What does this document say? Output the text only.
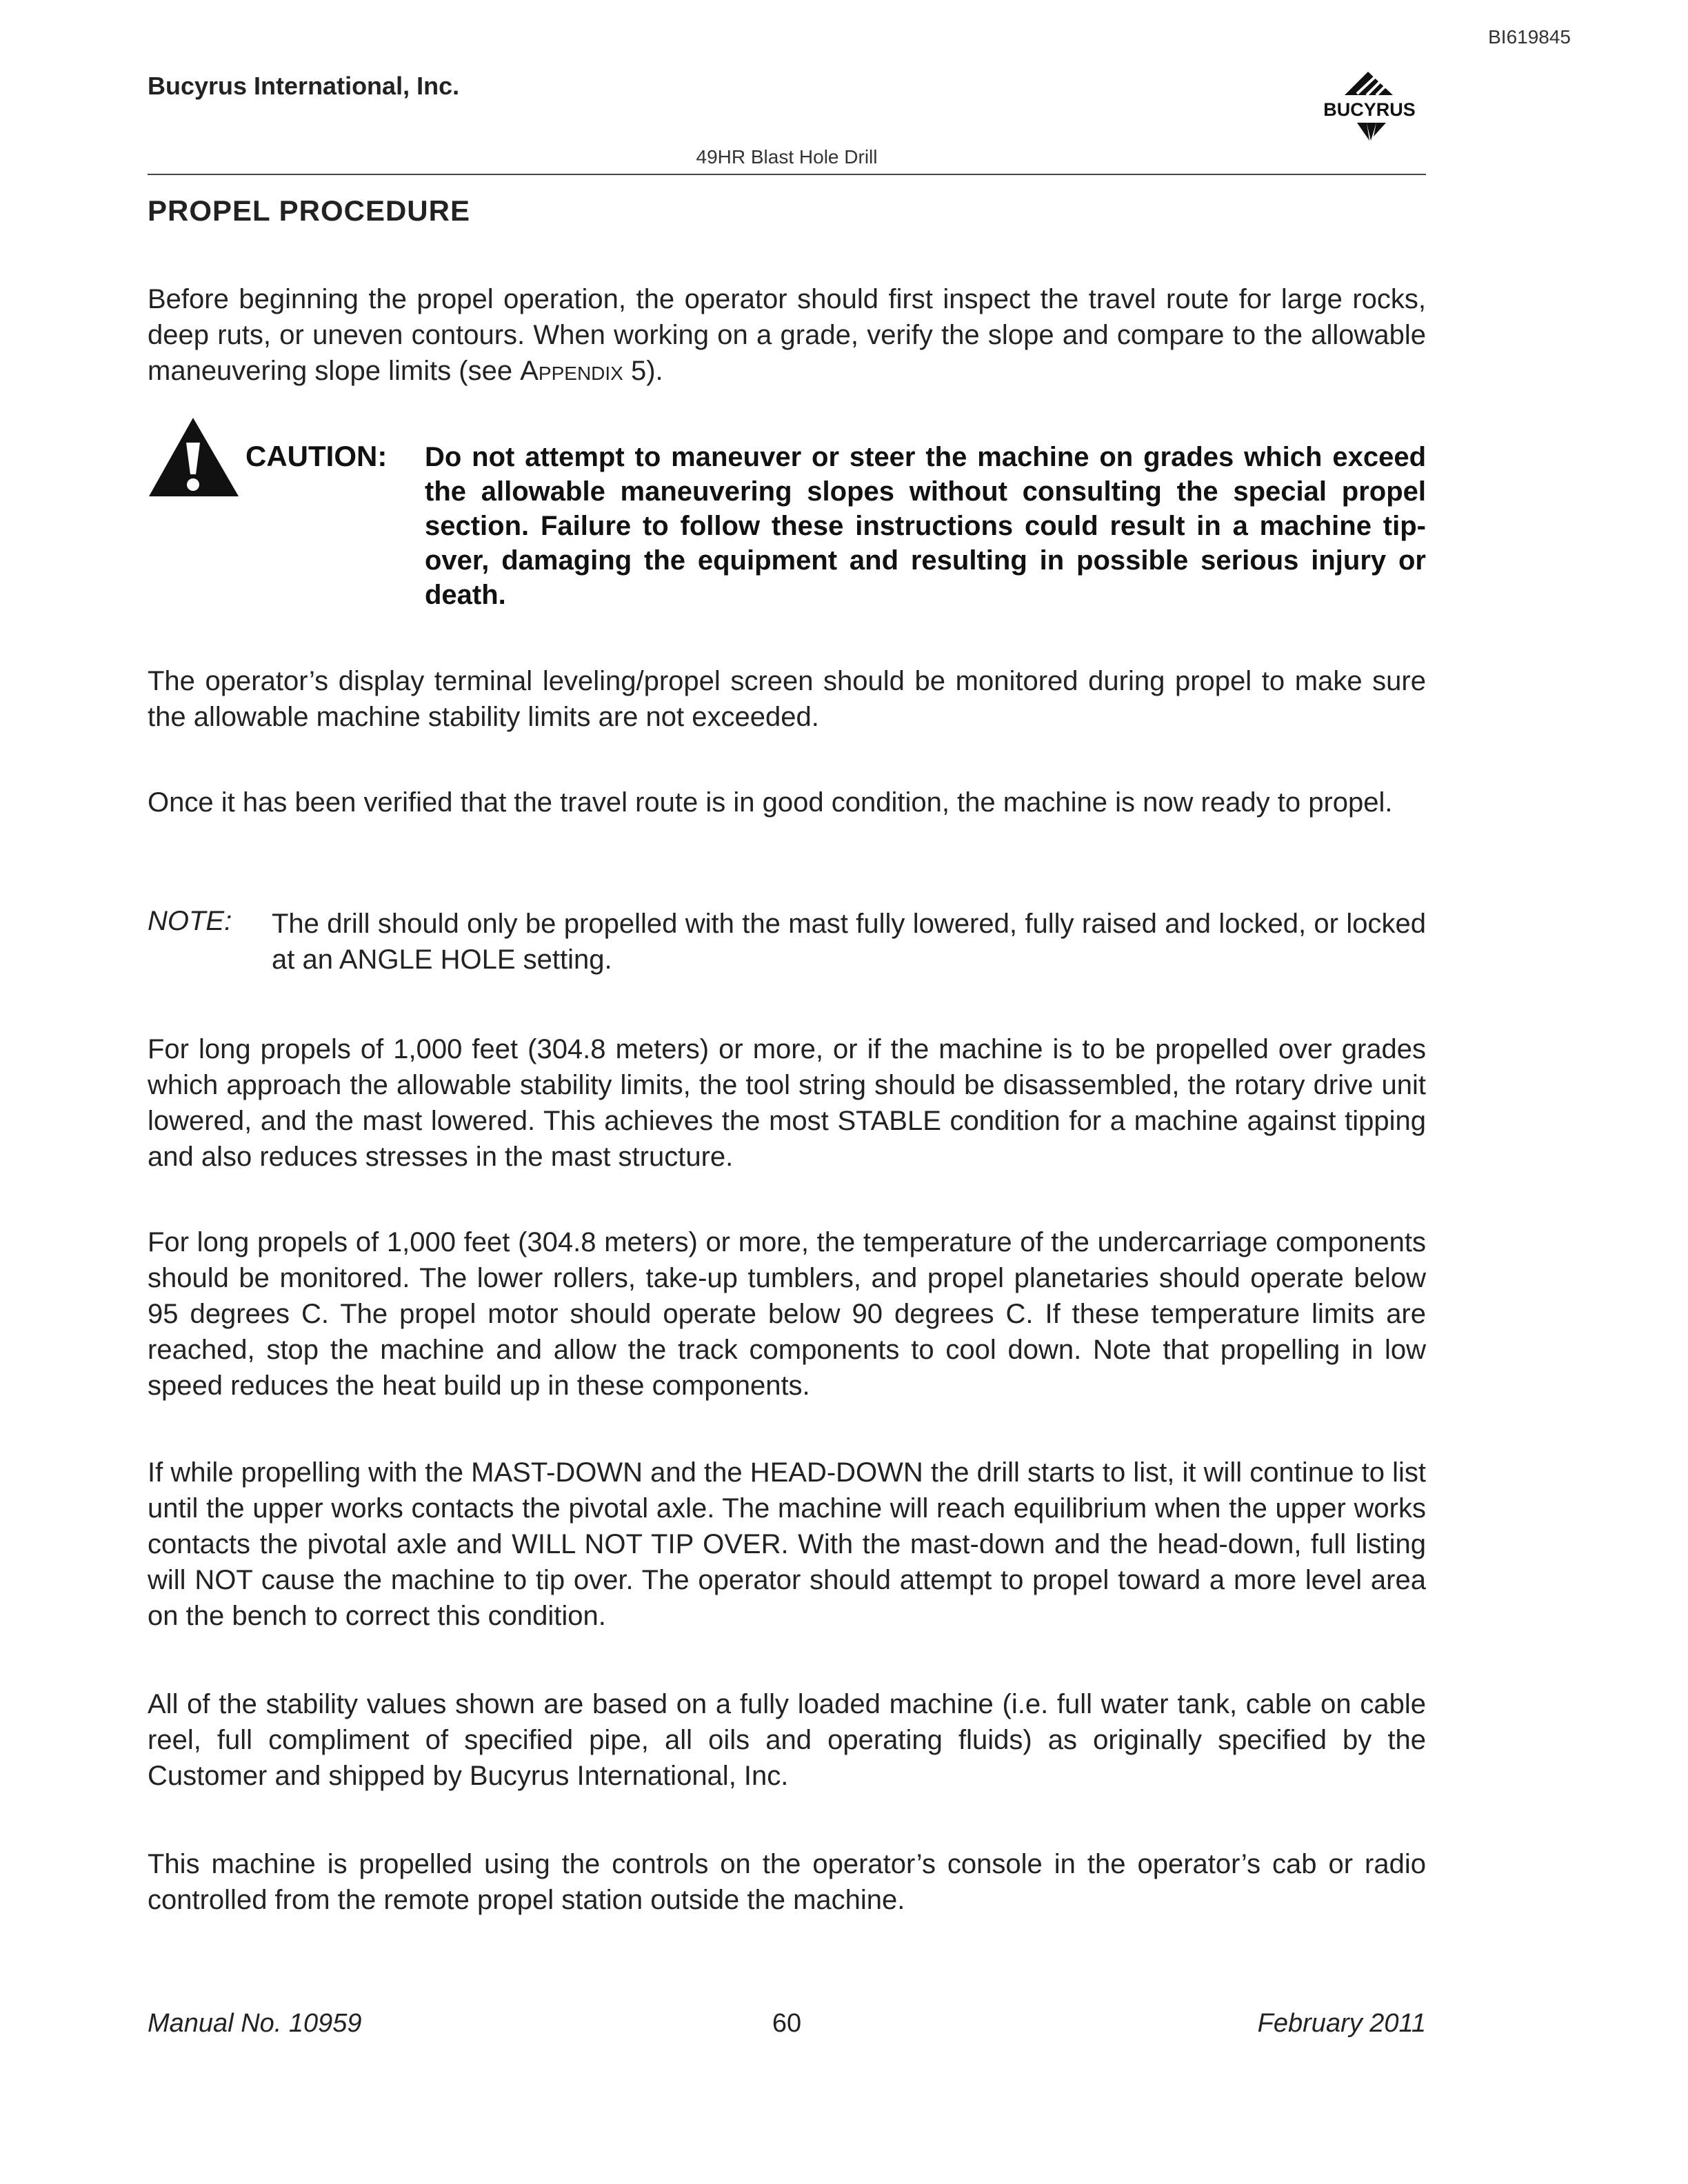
BI619845
Bucyrus International, Inc.
BUCYRUS
49HR Blast Hole Drill
PROPEL PROCEDURE
Before beginning the propel operation, the operator should first inspect the travel route for large rocks, deep ruts, or uneven contours. When working on a grade, verify the slope and compare to the allowable maneuvering slope limits (see Appendix 5).
CAUTION: Do not attempt to maneuver or steer the machine on grades which exceed the allowable maneuvering slopes without consulting the special propel section. Failure to follow these instructions could result in a machine tip-over, damaging the equipment and resulting in possible serious injury or death.
The operator’s display terminal leveling/propel screen should be monitored during propel to make sure the allowable machine stability limits are not exceeded.
Once it has been verified that the travel route is in good condition, the machine is now ready to propel.
NOTE: The drill should only be propelled with the mast fully lowered, fully raised and locked, or locked at an ANGLE HOLE setting.
For long propels of 1,000 feet (304.8 meters) or more, or if the machine is to be propelled over grades which approach the allowable stability limits, the tool string should be disassembled, the rotary drive unit lowered, and the mast lowered. This achieves the most STABLE condition for a machine against tipping and also reduces stresses in the mast structure.
For long propels of 1,000 feet (304.8 meters) or more, the temperature of the undercarriage components should be monitored. The lower rollers, take-up tumblers, and propel planetaries should operate below 95 degrees C. The propel motor should operate below 90 degrees C. If these temperature limits are reached, stop the machine and allow the track components to cool down. Note that propelling in low speed reduces the heat build up in these components.
If while propelling with the MAST-DOWN and the HEAD-DOWN the drill starts to list, it will continue to list until the upper works contacts the pivotal axle. The machine will reach equilibrium when the upper works contacts the pivotal axle and WILL NOT TIP OVER. With the mast-down and the head-down, full listing will NOT cause the machine to tip over. The operator should attempt to propel toward a more level area on the bench to correct this condition.
All of the stability values shown are based on a fully loaded machine (i.e. full water tank, cable on cable reel, full compliment of specified pipe, all oils and operating fluids) as originally specified by the Customer and shipped by Bucyrus International, Inc.
This machine is propelled using the controls on the operator’s console in the operator’s cab or radio controlled from the remote propel station outside the machine.
Manual No. 10959	60	February 2011
